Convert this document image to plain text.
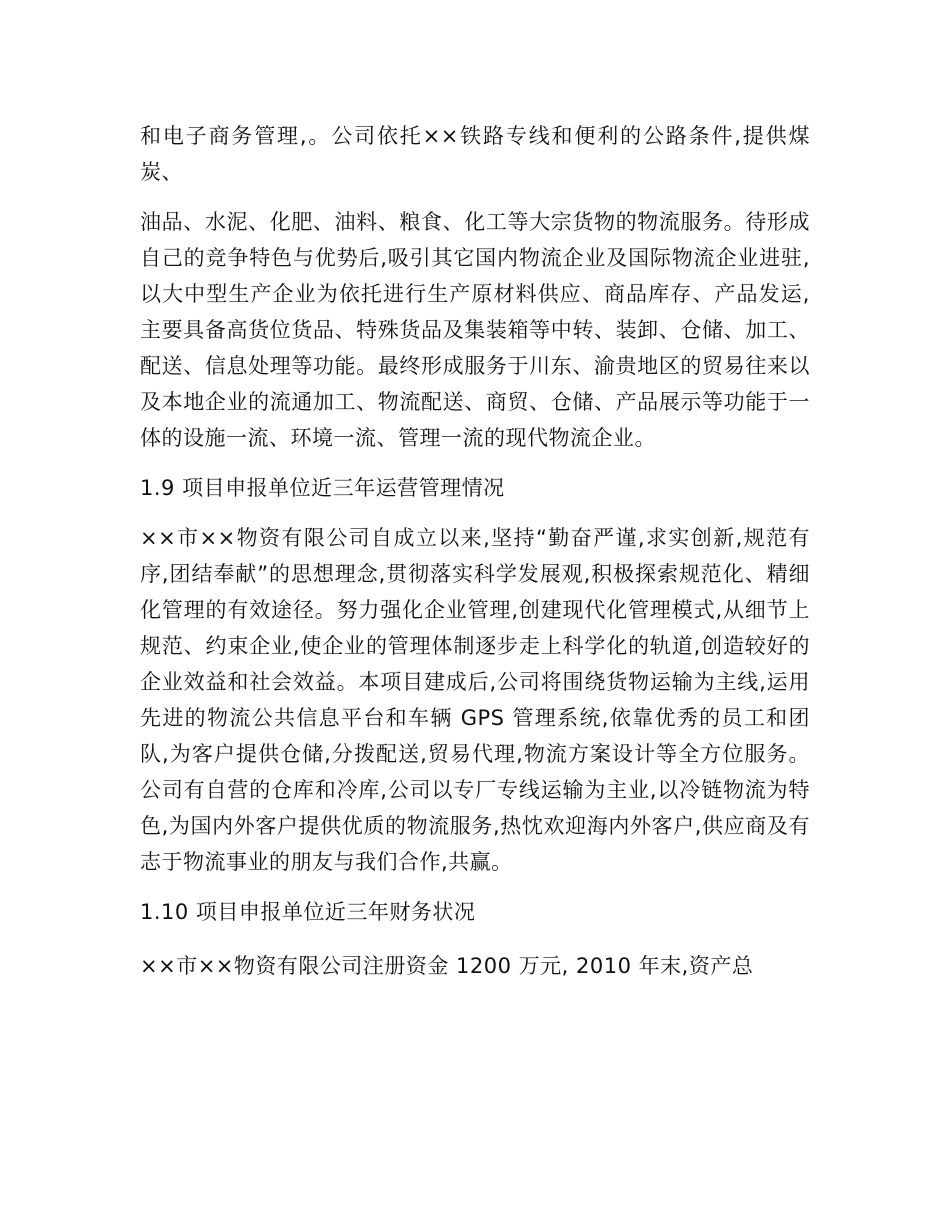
和电子商务管理,。公司依托××铁路专线和便利的公路条件,提供煤炭、

油品、水泥、化肥、油料、粮食、化工等大宗货物的物流服务。待形成自己的竞争特色与优势后,吸引其它国内物流企业及国际物流企业进驻,以大中型生产企业为依托进行生产原材料供应、商品库存、产品发运,主要具备高货位货品、特殊货品及集装箱等中转、装卸、仓储、加工、配送、信息处理等功能。最终形成服务于川东、渝贵地区的贸易往来以及本地企业的流通加工、物流配送、商贸、仓储、产品展示等功能于一体的设施一流、环境一流、管理一流的现代物流企业。

1.9 项目申报单位近三年运营管理情况

××市××物资有限公司自成立以来,坚持“勤奋严谨,求实创新,规范有序,团结奉献”的思想理念,贯彻落实科学发展观,积极探索规范化、精细化管理的有效途径。努力强化企业管理,创建现代化管理模式,从细节上规范、约束企业,使企业的管理体制逐步走上科学化的轨道,创造较好的企业效益和社会效益。本项目建成后,公司将围绕货物运输为主线,运用先进的物流公共信息平台和车辆 GPS 管理系统,依靠优秀的员工和团队,为客户提供仓储,分拨配送,贸易代理,物流方案设计等全方位服务。公司有自营的仓库和冷库,公司以专厂专线运输为主业,以冷链物流为特色,为国内外客户提供优质的物流服务,热忱欢迎海内外客户,供应商及有志于物流事业的朋友与我们合作,共赢。

1.10 项目申报单位近三年财务状况

××市××物资有限公司注册资金 1200 万元, 2010 年末,资产总
